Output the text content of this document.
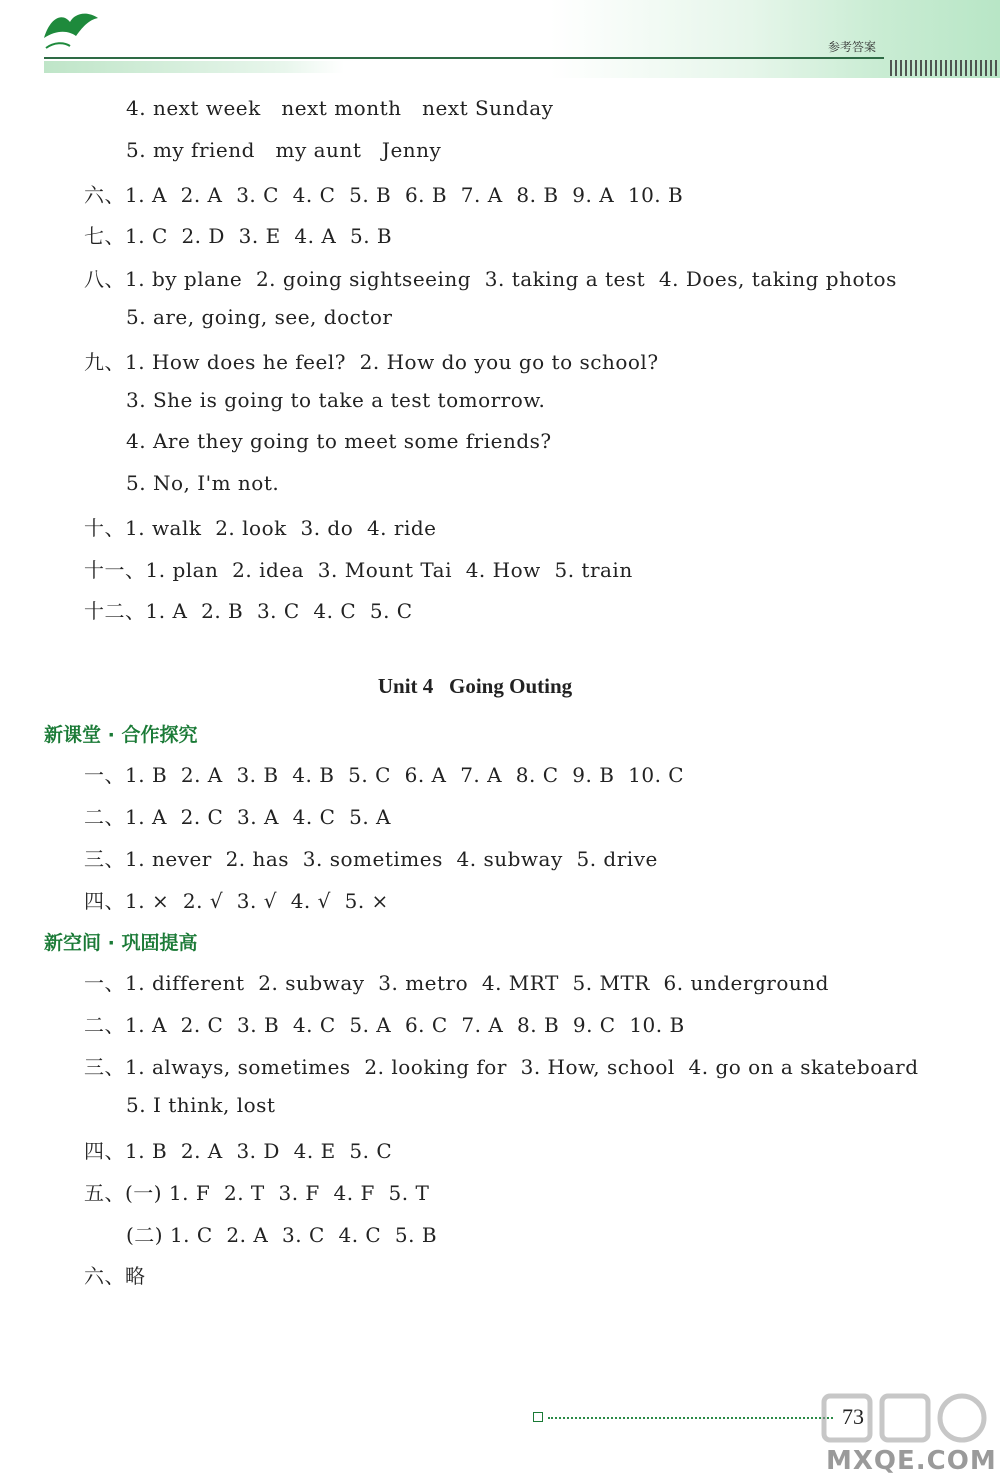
参考答案
4. next week   next month   next Sunday
5. my friend   my aunt   Jenny
六、1. A  2. A  3. C  4. C  5. B  6. B  7. A  8. B  9. A  10. B
七、1. C  2. D  3. E  4. A  5. B
八、1. by plane  2. going sightseeing  3. taking a test  4. Does, taking photos
5. are, going, see, doctor
九、1. How does he feel?  2. How do you go to school?
3. She is going to take a test tomorrow.
4. Are they going to meet some friends?
5. No, I'm not.
十、1. walk  2. look  3. do  4. ride
十一、1. plan  2. idea  3. Mount Tai  4. How  5. train
十二、1. A  2. B  3. C  4. C  5. C
Unit 4   Going Outing
新课堂 · 合作探究
一、1. B  2. A  3. B  4. B  5. C  6. A  7. A  8. C  9. B  10. C
二、1. A  2. C  3. A  4. C  5. A
三、1. never  2. has  3. sometimes  4. subway  5. drive
四、1. ×  2. √  3. √  4. √  5. ×
新空间 · 巩固提高
一、1. different  2. subway  3. metro  4. MRT  5. MTR  6. underground
二、1. A  2. C  3. B  4. C  5. A  6. C  7. A  8. B  9. C  10. B
三、1. always, sometimes  2. looking for  3. How, school  4. go on a skateboard
5. I think, lost
四、1. B  2. A  3. D  4. E  5. C
五、(一) 1. F  2. T  3. F  4. F  5. T
(二) 1. C  2. A  3. C  4. C  5. B
六、略
73
MXQE.COM
